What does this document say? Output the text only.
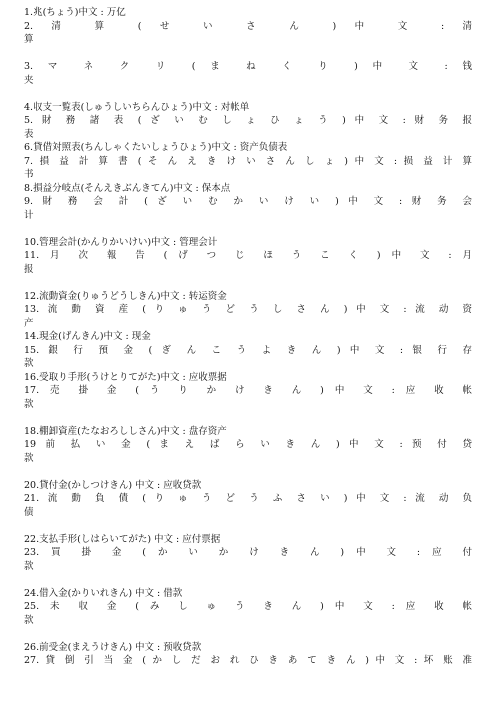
1.兆(ちょう)中文 : 万亿
2. 清 算 ( せ い さ ん ) 中 文 : 清
算
3. マ ネ ク リ ( ま ね く り ) 中 文 : 钱
夹
4.収支一覧表(しゅうしいちらんひょう)中文 : 对帐单
5. 財 務 諸 表 ( ざ い む し ょ ひ ょ う ) 中 文 : 财 务 报
表
6.貸借対照表(ちんしゃくたいしょうひょう)中文 : 资产负债表
7. 損 益 計 算 書 ( そ ん え き け い さ ん し ょ ) 中 文 : 损 益 计 算
书
8.損益分岐点(そんえきぶんきてん)中文 : 保本点
9. 財 務 会 計 ( ざ い む か い け い ) 中 文 : 财 务 会
计
10.管理会計(かんりかいけい)中文 : 管理会计
11. 月 次 報 告 ( げ つ じ ほ う こ く ) 中 文 : 月
报
12.流動資金(りゅうどうしきん)中文 : 转运资金
13. 流 動 資 産 ( り ゅ う ど う し さ ん ) 中 文 : 流 动 资
产
14.現金(げんきん)中文 : 现金
15. 銀 行 預 金 ( ぎ ん こ う よ き ん ) 中 文 : 银 行 存
款
16.受取り手形(うけとりてがた)中文 : 应收票据
17. 売 掛 金 ( う り か け き ん ) 中 文 : 应 收 帐
款
18.棚卸資産(たなおろししさん)中文 : 盘存资产
19 前 払 い 金 ( ま え ば ら い き ん ) 中 文 : 预 付 贷
款
20.貸付金(かしつけきん) 中文 : 应收贷款
21. 流 動 負 債 ( り ゅ う ど う ふ さ い ) 中 文 : 流 动 负
债
22.支払手形(しはらいてがた) 中文 : 应付票据
23. 買 掛 金 ( か い か け き ん ) 中 文 : 应 付
款
24.借入金(かりいれきん) 中文 : 借款
25. 未 収 金 ( み し ゅ う き ん ) 中 文 : 应 收 帐
款
26.前受金(まえうけきん) 中文 : 预收贷款
27. 貸 倒 引 当 金 ( か し だ お れ ひ き あ て き ん ) 中 文 : 坏 账 准
